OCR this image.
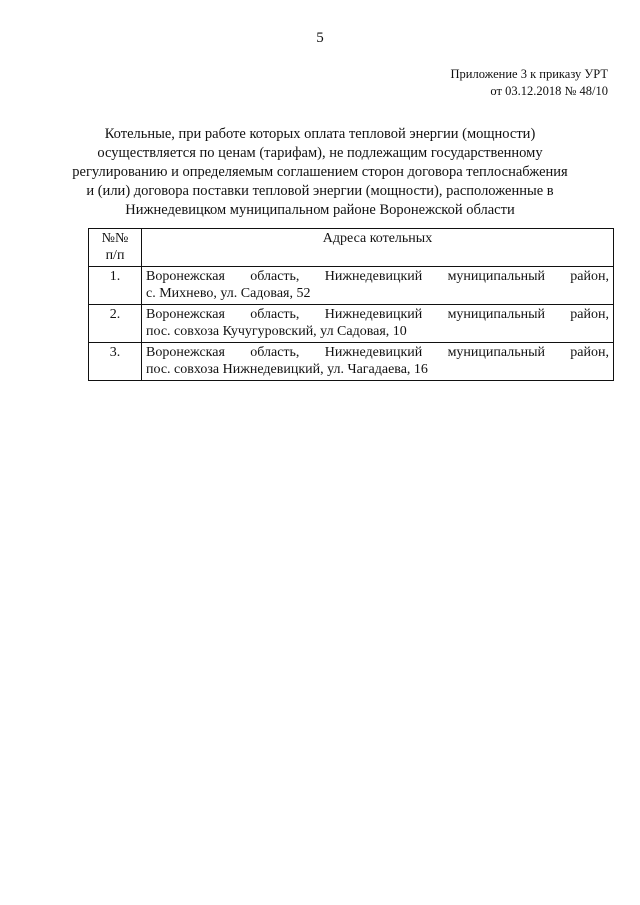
5
Приложение 3 к приказу УРТ
от 03.12.2018 № 48/10
Котельные, при работе которых оплата тепловой энергии (мощности)
осуществляется по ценам (тарифам), не подлежащим государственному
регулированию и определяемым соглашением сторон договора теплоснабжения
и (или) договора поставки тепловой энергии (мощности), расположенные в
Нижнедевицком муниципальном районе Воронежской области
№№
п/п	Адреса котельных
1.	Воронежская область, Нижнедевицкий муниципальный район,
с. Михнево, ул. Садовая, 52

2.	Воронежская область, Нижнедевицкий муниципальный район,
пос. совхоза Кучугуровский, ул Садовая, 10

3.	Воронежская область, Нижнедевицкий муниципальный район,
пос. совхоза Нижнедевицкий, ул. Чагадаева, 16
